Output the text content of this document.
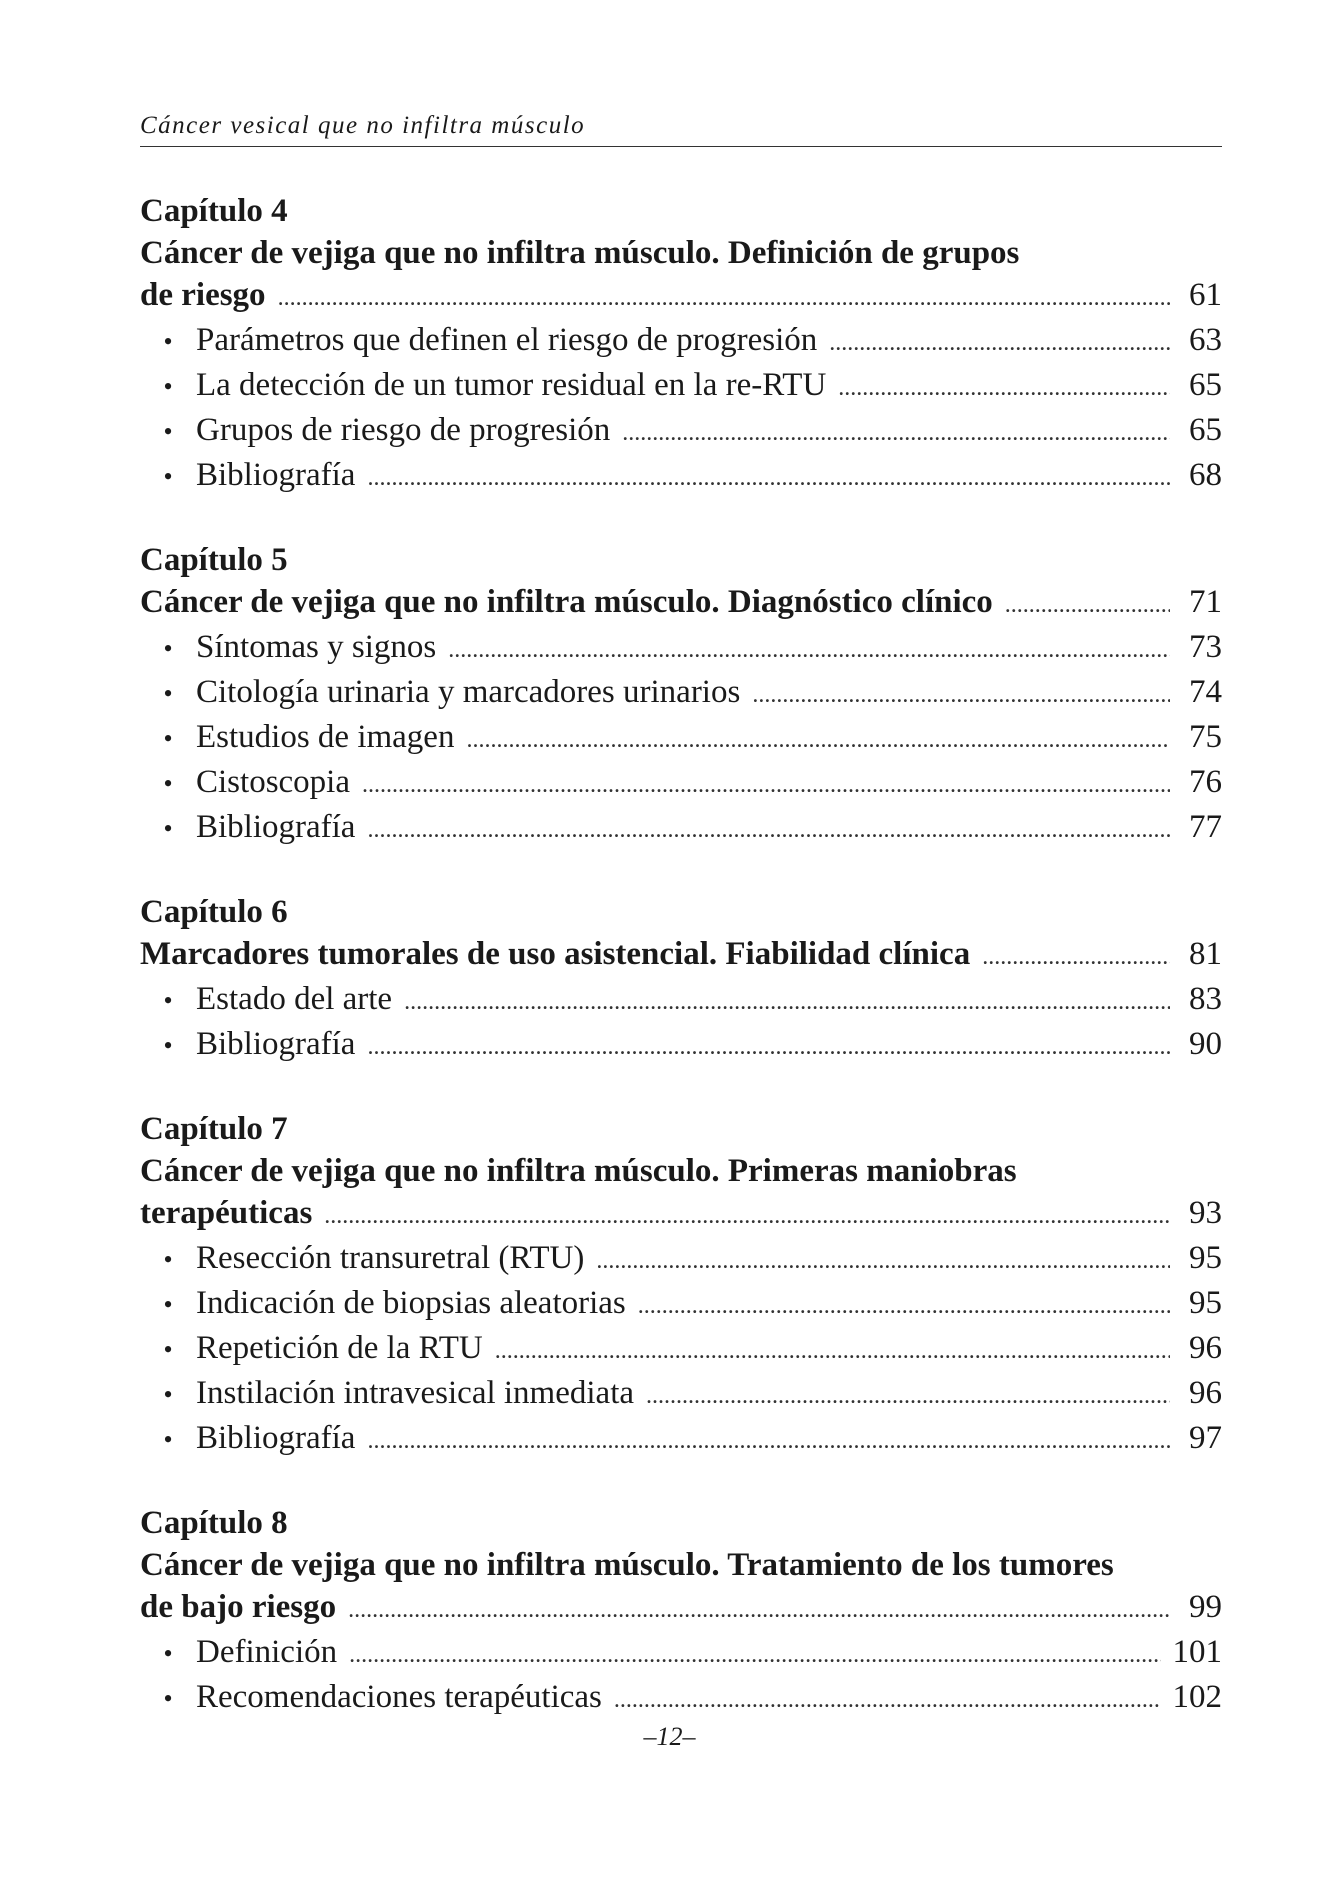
Cáncer vesical que no infiltra músculo
Capítulo 4
Cáncer de vejiga que no infiltra músculo. Definición de grupos
de riesgo . . .	61
• Parámetros que definen el riesgo de progresión . . .	63
• La detección de un tumor residual en la re-RTU . . .	65
• Grupos de riesgo de progresión . . .	65
• Bibliografía . . .	68
Capítulo 5
Cáncer de vejiga que no infiltra músculo. Diagnóstico clínico . . .	71
• Síntomas y signos . . .	73
• Citología urinaria y marcadores urinarios . . .	74
• Estudios de imagen . . .	75
• Cistoscopia . . .	76
• Bibliografía . . .	77
Capítulo 6
Marcadores tumorales de uso asistencial. Fiabilidad clínica . . .	81
• Estado del arte . . .	83
• Bibliografía . . .	90
Capítulo 7
Cáncer de vejiga que no infiltra músculo. Primeras maniobras
terapéuticas . . .	93
• Resección transuretral (RTU) . . .	95
• Indicación de biopsias aleatorias . . .	95
• Repetición de la RTU . . .	96
• Instilación intravesical inmediata . . .	96
• Bibliografía . . .	97
Capítulo 8
Cáncer de vejiga que no infiltra músculo. Tratamiento de los tumores
de bajo riesgo . . .	99
• Definición . . .	101
• Recomendaciones terapéuticas . . .	102
–12–
